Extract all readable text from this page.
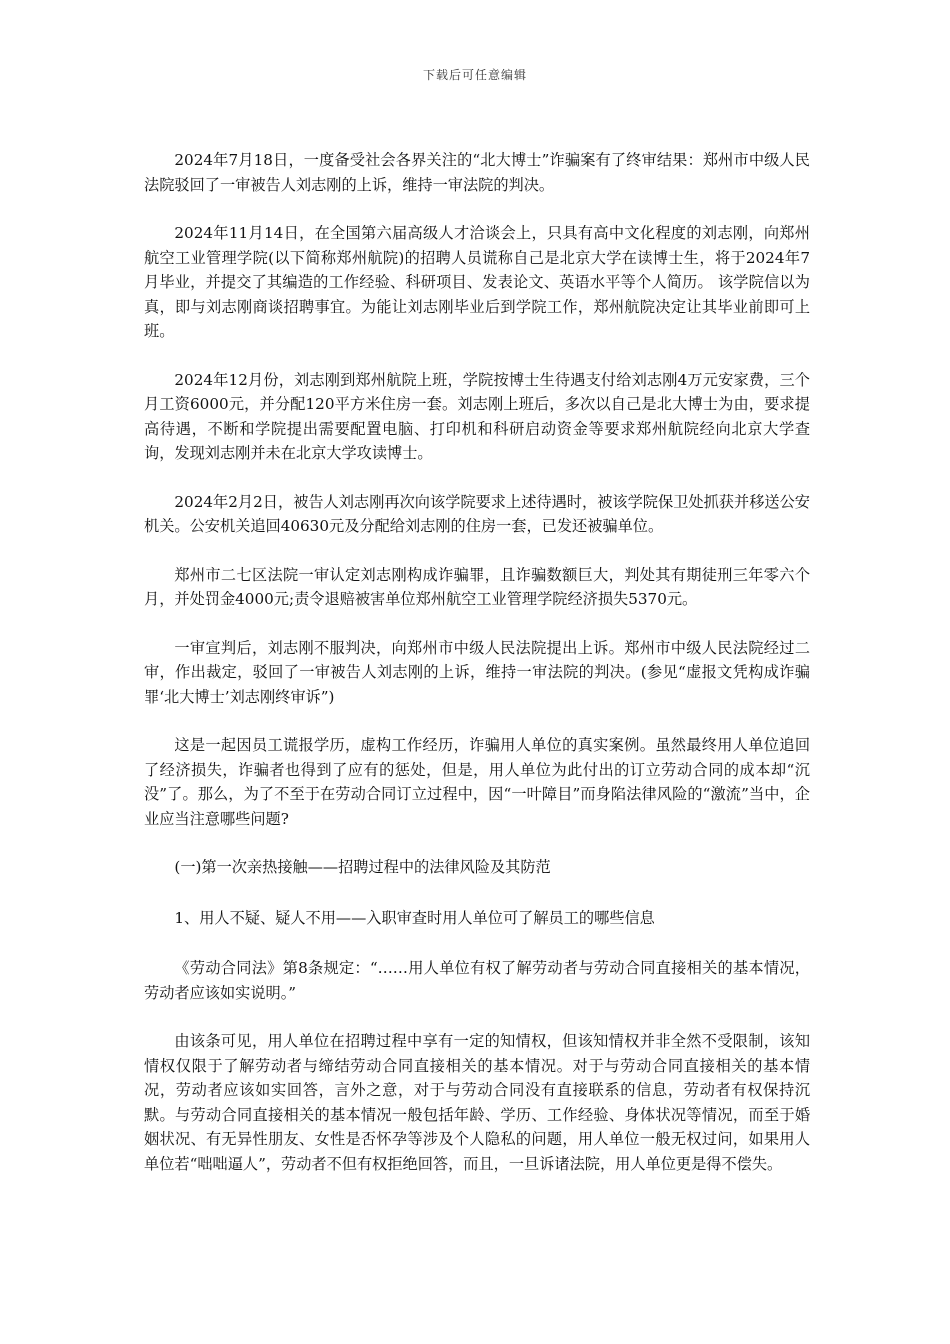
下载后可任意编辑

2024年7月18日，一度备受社会各界关注的“北大博士”诈骗案有了终审结果：郑州市中级人民法院驳回了一审被告人刘志刚的上诉，维持一审法院的判决。

2024年11月14日，在全国第六届高级人才洽谈会上，只具有高中文化程度的刘志刚，向郑州航空工业管理学院(以下简称郑州航院)的招聘人员谎称自己是北京大学在读博士生，将于2024年7月毕业，并提交了其编造的工作经验、科研项目、发表论文、英语水平等个人简历。 该学院信以为真，即与刘志刚商谈招聘事宜。为能让刘志刚毕业后到学院工作，郑州航院决定让其毕业前即可上班。

2024年12月份，刘志刚到郑州航院上班，学院按博士生待遇支付给刘志刚4万元安家费，三个月工资6000元，并分配120平方米住房一套。刘志刚上班后，多次以自己是北大博士为由，要求提高待遇，不断和学院提出需要配置电脑、打印机和科研启动资金等要求郑州航院经向北京大学查询，发现刘志刚并未在北京大学攻读博士。

2024年2月2日，被告人刘志刚再次向该学院要求上述待遇时，被该学院保卫处抓获并移送公安机关。公安机关追回40630元及分配给刘志刚的住房一套，已发还被骗单位。

郑州市二七区法院一审认定刘志刚构成诈骗罪，且诈骗数额巨大，判处其有期徒刑三年零六个月，并处罚金4000元;责令退赔被害单位郑州航空工业管理学院经济损失5370元。

一审宣判后，刘志刚不服判决，向郑州市中级人民法院提出上诉。郑州市中级人民法院经过二审，作出裁定，驳回了一审被告人刘志刚的上诉，维持一审法院的判决。(参见“虚报文凭构成诈骗罪‘北大博士’刘志刚终审诉”)

这是一起因员工谎报学历，虚构工作经历，诈骗用人单位的真实案例。虽然最终用人单位追回了经济损失，诈骗者也得到了应有的惩处，但是，用人单位为此付出的订立劳动合同的成本却“沉没”了。那么，为了不至于在劳动合同订立过程中，因“一叶障目”而身陷法律风险的“激流”当中，企业应当注意哪些问题?

(一)第一次亲热接触——招聘过程中的法律风险及其防范

1、用人不疑、疑人不用——入职审查时用人单位可了解员工的哪些信息

《劳动合同法》第8条规定：“……用人单位有权了解劳动者与劳动合同直接相关的基本情况，劳动者应该如实说明。”

由该条可见，用人单位在招聘过程中享有一定的知情权，但该知情权并非全然不受限制，该知情权仅限于了解劳动者与缔结劳动合同直接相关的基本情况。对于与劳动合同直接相关的基本情况，劳动者应该如实回答，言外之意，对于与劳动合同没有直接联系的信息，劳动者有权保持沉默。与劳动合同直接相关的基本情况一般包括年龄、学历、工作经验、身体状况等情况，而至于婚姻状况、有无异性朋友、女性是否怀孕等涉及个人隐私的问题，用人单位一般无权过问，如果用人单位若“咄咄逼人”，劳动者不但有权拒绝回答，而且，一旦诉诸法院，用人单位更是得不偿失。
